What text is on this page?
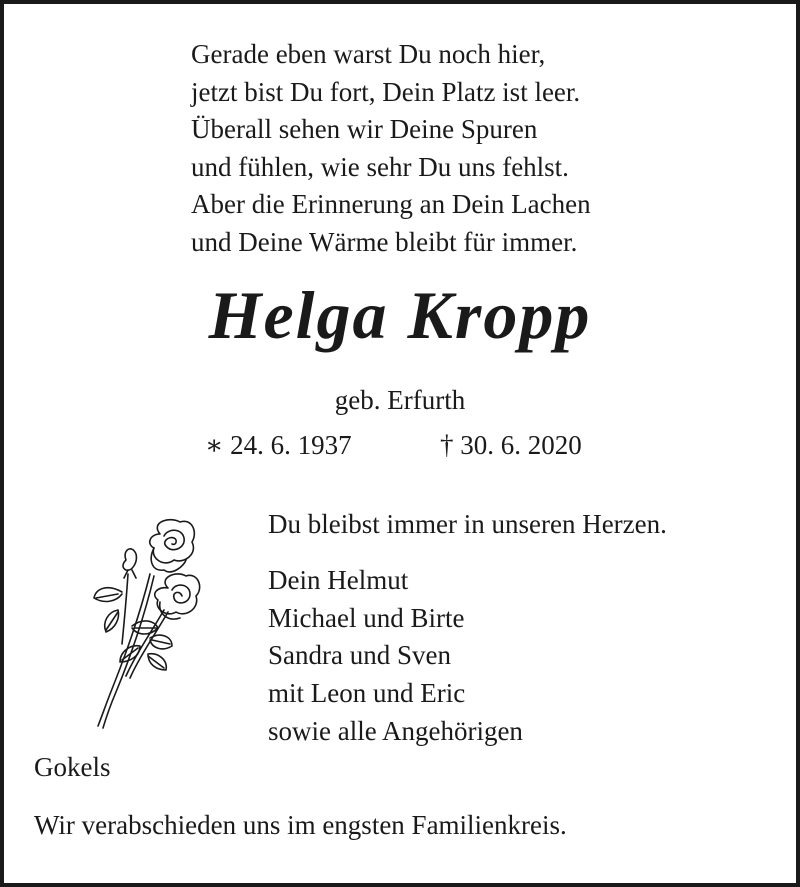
Gerade eben warst Du noch hier,
jetzt bist Du fort, Dein Platz ist leer.
Überall sehen wir Deine Spuren
und fühlen, wie sehr Du uns fehlst.
Aber die Erinnerung an Dein Lachen
und Deine Wärme bleibt für immer.
Helga Kropp
geb. Erfurth
∗ 24. 6. 1937	† 30. 6. 2020
Du bleibst immer in unseren Herzen.
Dein Helmut
Michael und Birte
Sandra und Sven
mit Leon und Eric
sowie alle Angehörigen
Gokels
Wir verabschieden uns im engsten Familienkreis.
